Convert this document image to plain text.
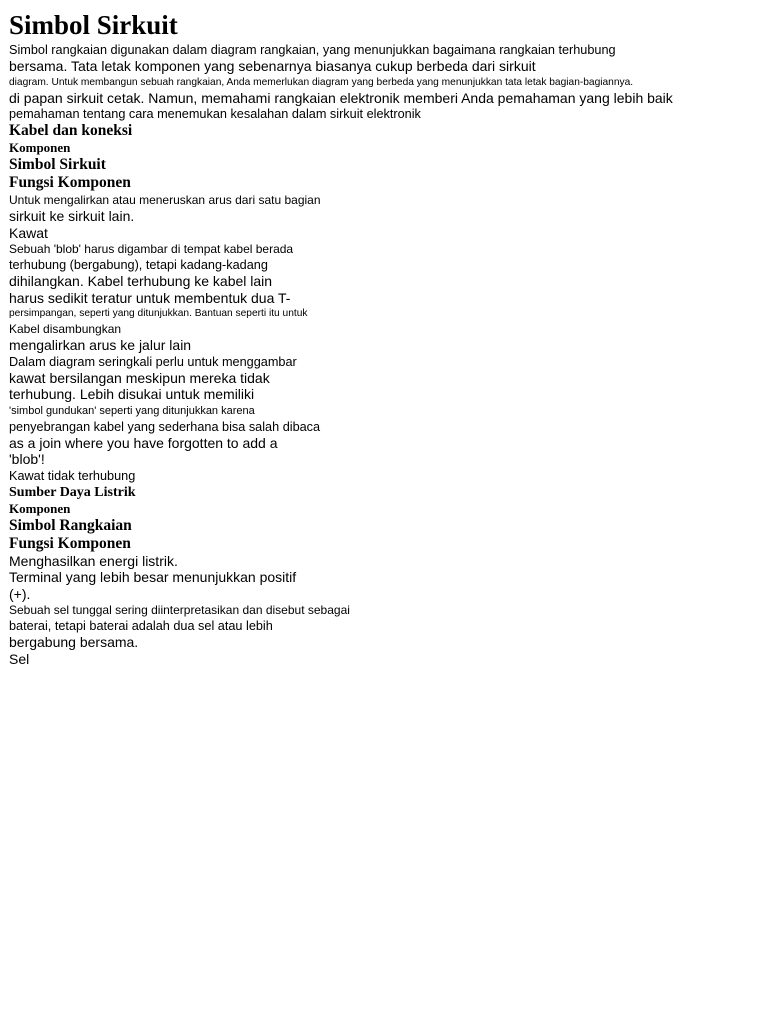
Simbol Sirkuit
Simbol rangkaian digunakan dalam diagram rangkaian, yang menunjukkan bagaimana rangkaian terhubung
bersama. Tata letak komponen yang sebenarnya biasanya cukup berbeda dari sirkuit
diagram. Untuk membangun sebuah rangkaian, Anda memerlukan diagram yang berbeda yang menunjukkan tata letak bagian-bagiannya.
di papan sirkuit cetak. Namun, memahami rangkaian elektronik memberi Anda pemahaman yang lebih baik
pemahaman tentang cara menemukan kesalahan dalam sirkuit elektronik
Kabel dan koneksi
Komponen
Simbol Sirkuit
Fungsi Komponen
Untuk mengalirkan atau meneruskan arus dari satu bagian
sirkuit ke sirkuit lain.
Kawat
Sebuah 'blob' harus digambar di tempat kabel berada
terhubung (bergabung), tetapi kadang-kadang
dihilangkan. Kabel terhubung ke kabel lain
harus sedikit teratur untuk membentuk dua T-
persimpangan, seperti yang ditunjukkan. Bantuan seperti itu untuk
Kabel disambungkan
mengalirkan arus ke jalur lain
Dalam diagram seringkali perlu untuk menggambar
kawat bersilangan meskipun mereka tidak
terhubung. Lebih disukai untuk memiliki
'simbol gundukan' seperti yang ditunjukkan karena
penyebrangan kabel yang sederhana bisa salah dibaca
as a join where you have forgotten to add a
'blob'!
Kawat tidak terhubung
Sumber Daya Listrik
Komponen
Simbol Rangkaian
Fungsi Komponen
Menghasilkan energi listrik.
Terminal yang lebih besar menunjukkan positif
(+).
Sebuah sel tunggal sering diinterpretasikan dan disebut sebagai
baterai, tetapi baterai adalah dua sel atau lebih
bergabung bersama.
Sel
